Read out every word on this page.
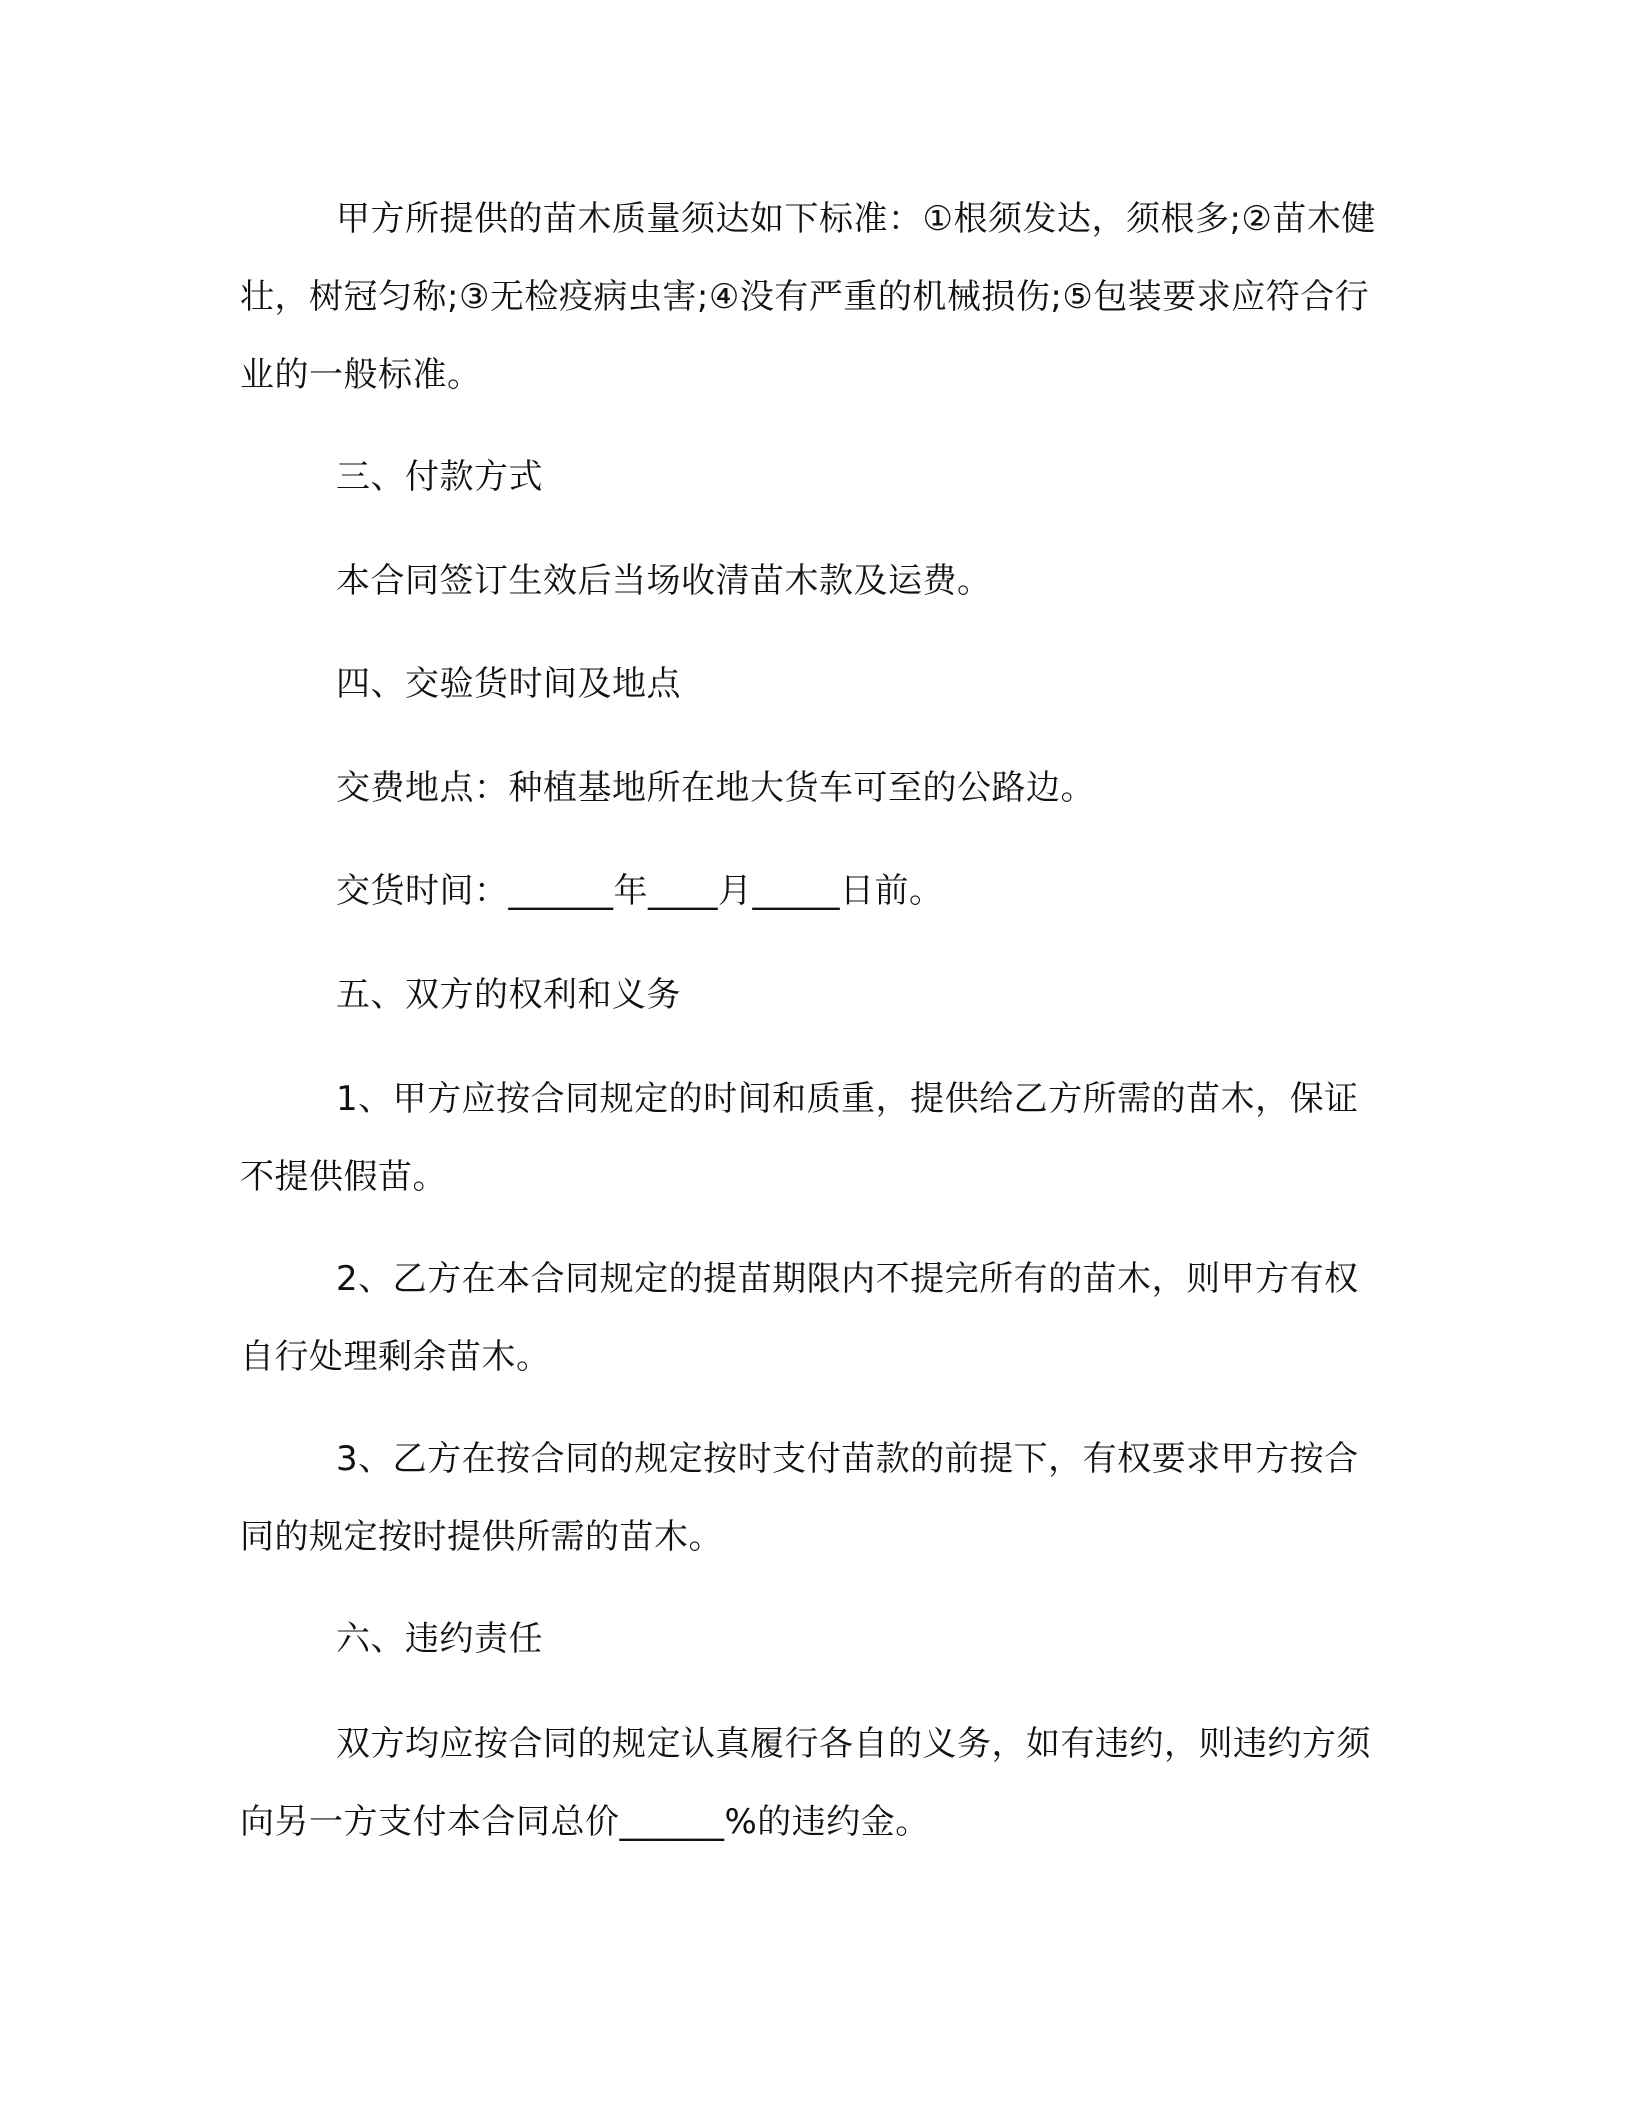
甲方所提供的苗木质量须达如下标准：①根须发达，须根多;②苗木健壮，树冠匀称;③无检疫病虫害;④没有严重的机械损伤;⑤包装要求应符合行业的一般标准。

三、付款方式

本合同签订生效后当场收清苗木款及运费。

四、交验货时间及地点

交费地点：种植基地所在地大货车可至的公路边。

交货时间：______年____月_____日前。

五、双方的权利和义务

1、甲方应按合同规定的时间和质重，提供给乙方所需的苗木，保证不提供假苗。

2、乙方在本合同规定的提苗期限内不提完所有的苗木，则甲方有权自行处理剩余苗木。

3、乙方在按合同的规定按时支付苗款的前提下，有权要求甲方按合同的规定按时提供所需的苗木。

六、违约责任

双方均应按合同的规定认真履行各自的义务，如有违约，则违约方须向另一方支付本合同总价______%的违约金。
